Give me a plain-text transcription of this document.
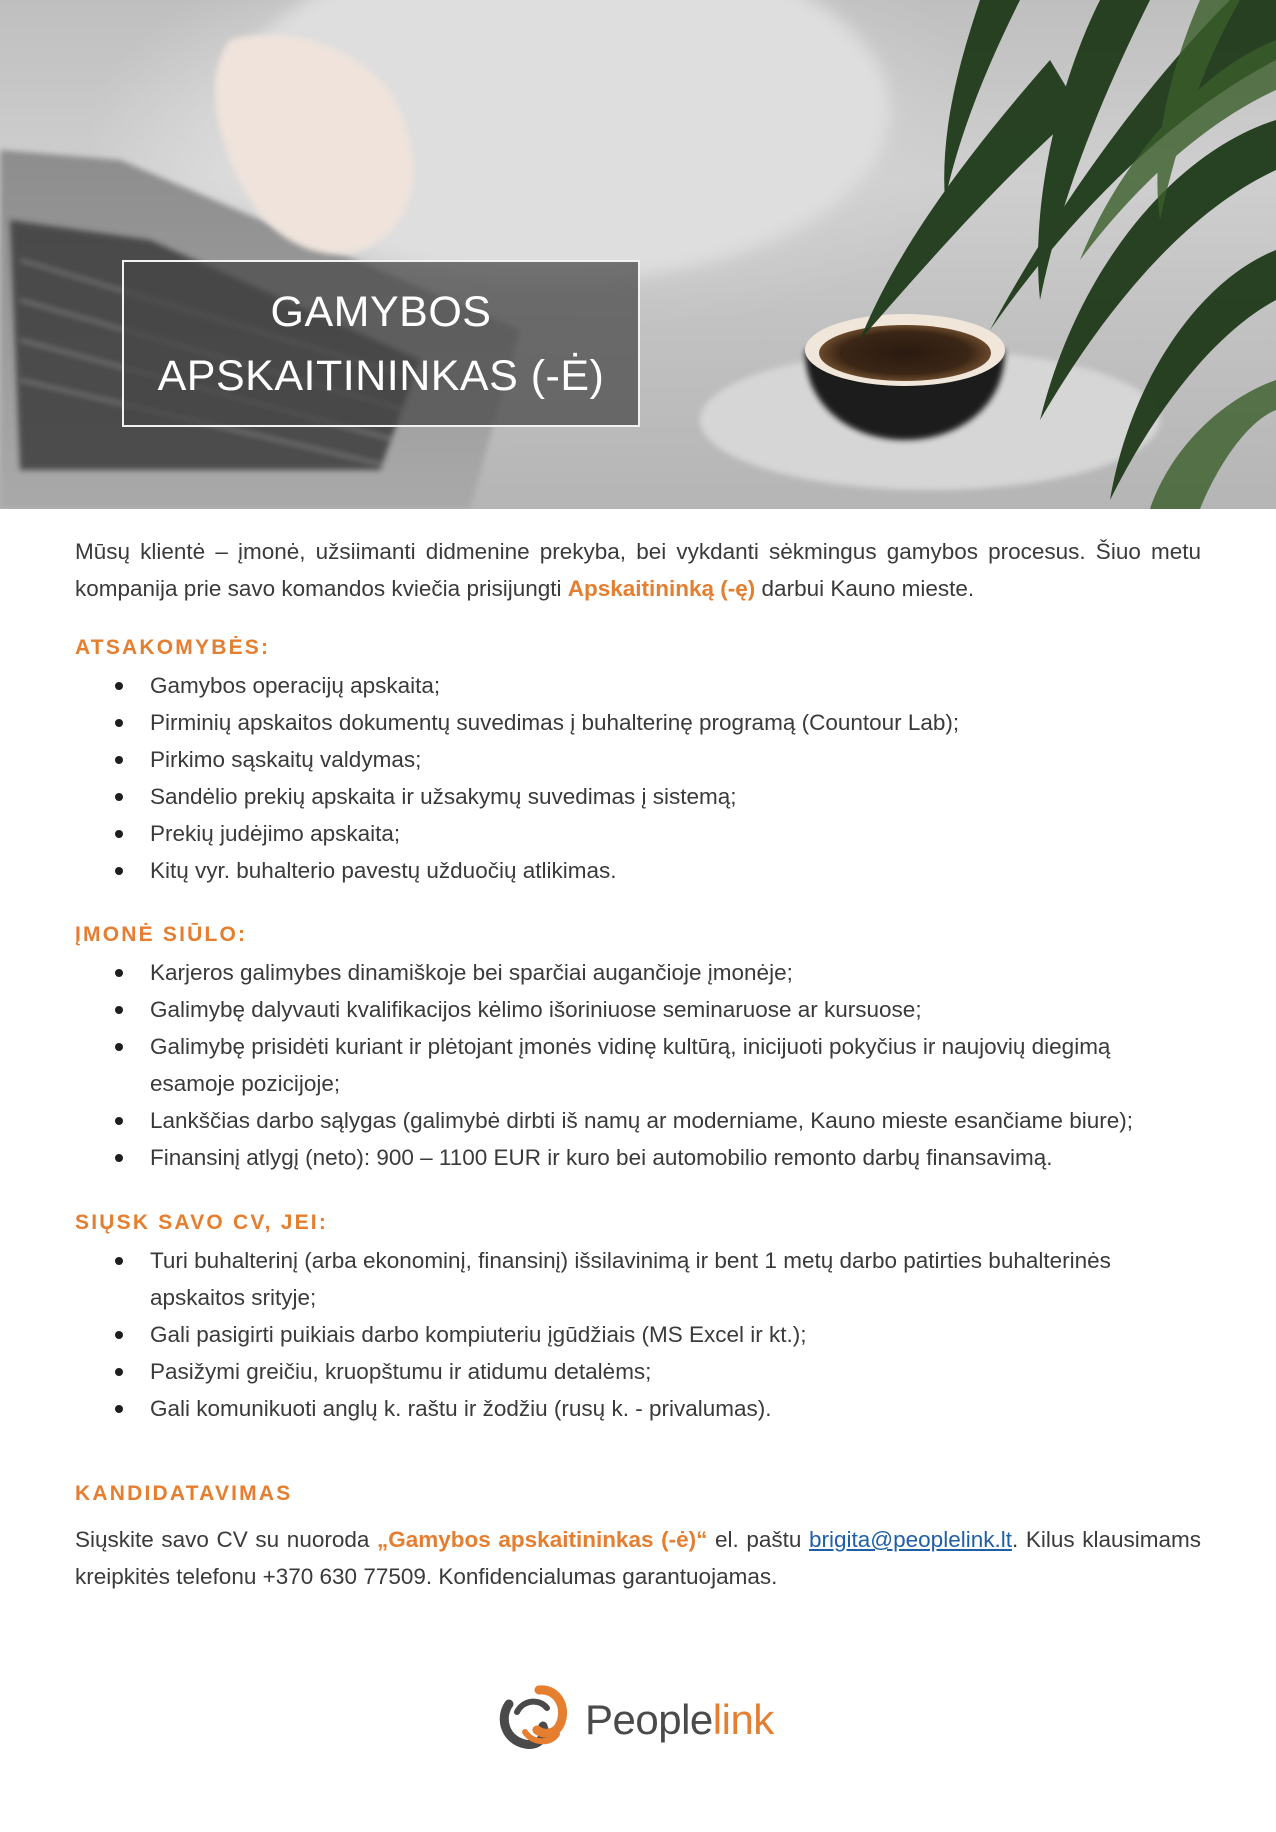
GAMYBOS
APSKAITININKAS (-Ė)

Mūsų klientė – įmonė, užsiimanti didmenine prekyba, bei vykdanti sėkmingus gamybos procesus. Šiuo metu kompanija prie savo komandos kviečia prisijungti Apskaitininką (-ę) darbui Kauno mieste.

ATSAKOMYBĖS:
Gamybos operacijų apskaita;
Pirminių apskaitos dokumentų suvedimas į buhalterinę programą (Countour Lab);
Pirkimo sąskaitų valdymas;
Sandėlio prekių apskaita ir užsakymų suvedimas į sistemą;
Prekių judėjimo apskaita;
Kitų vyr. buhalterio pavestų užduočių atlikimas.
ĮMONĖ SIŪLO:
Karjeros galimybes dinamiškoje bei sparčiai augančioje įmonėje;
Galimybę dalyvauti kvalifikacijos kėlimo išoriniuose seminaruose ar kursuose;
Galimybę prisidėti kuriant ir plėtojant įmonės vidinę kultūrą, inicijuoti pokyčius ir naujovių diegimą esamoje pozicijoje;
Lankščias darbo sąlygas (galimybė dirbti iš namų ar moderniame, Kauno mieste esančiame biure);
Finansinį atlygį (neto): 900 – 1100 EUR ir kuro bei automobilio remonto darbų finansavimą.
SIŲSK SAVO CV, JEI:
Turi buhalterinį (arba ekonominį, finansinį) išsilavinimą ir bent 1 metų darbo patirties buhalterinės apskaitos srityje;
Gali pasigirti puikiais darbo kompiuteriu įgūdžiais (MS Excel ir kt.);
Pasižymi greičiu, kruopštumu ir atidumu detalėms;
Gali komunikuoti anglų k. raštu ir žodžiu (rusų k. - privalumas).
KANDIDATAVIMAS

Siųskite savo CV su nuoroda „Gamybos apskaitininkas (-ė)“ el. paštu brigita@peoplelink.lt. Kilus klausimams kreipkitės telefonu +370 630 77509. Konfidencialumas garantuojamas.

Peoplelink
